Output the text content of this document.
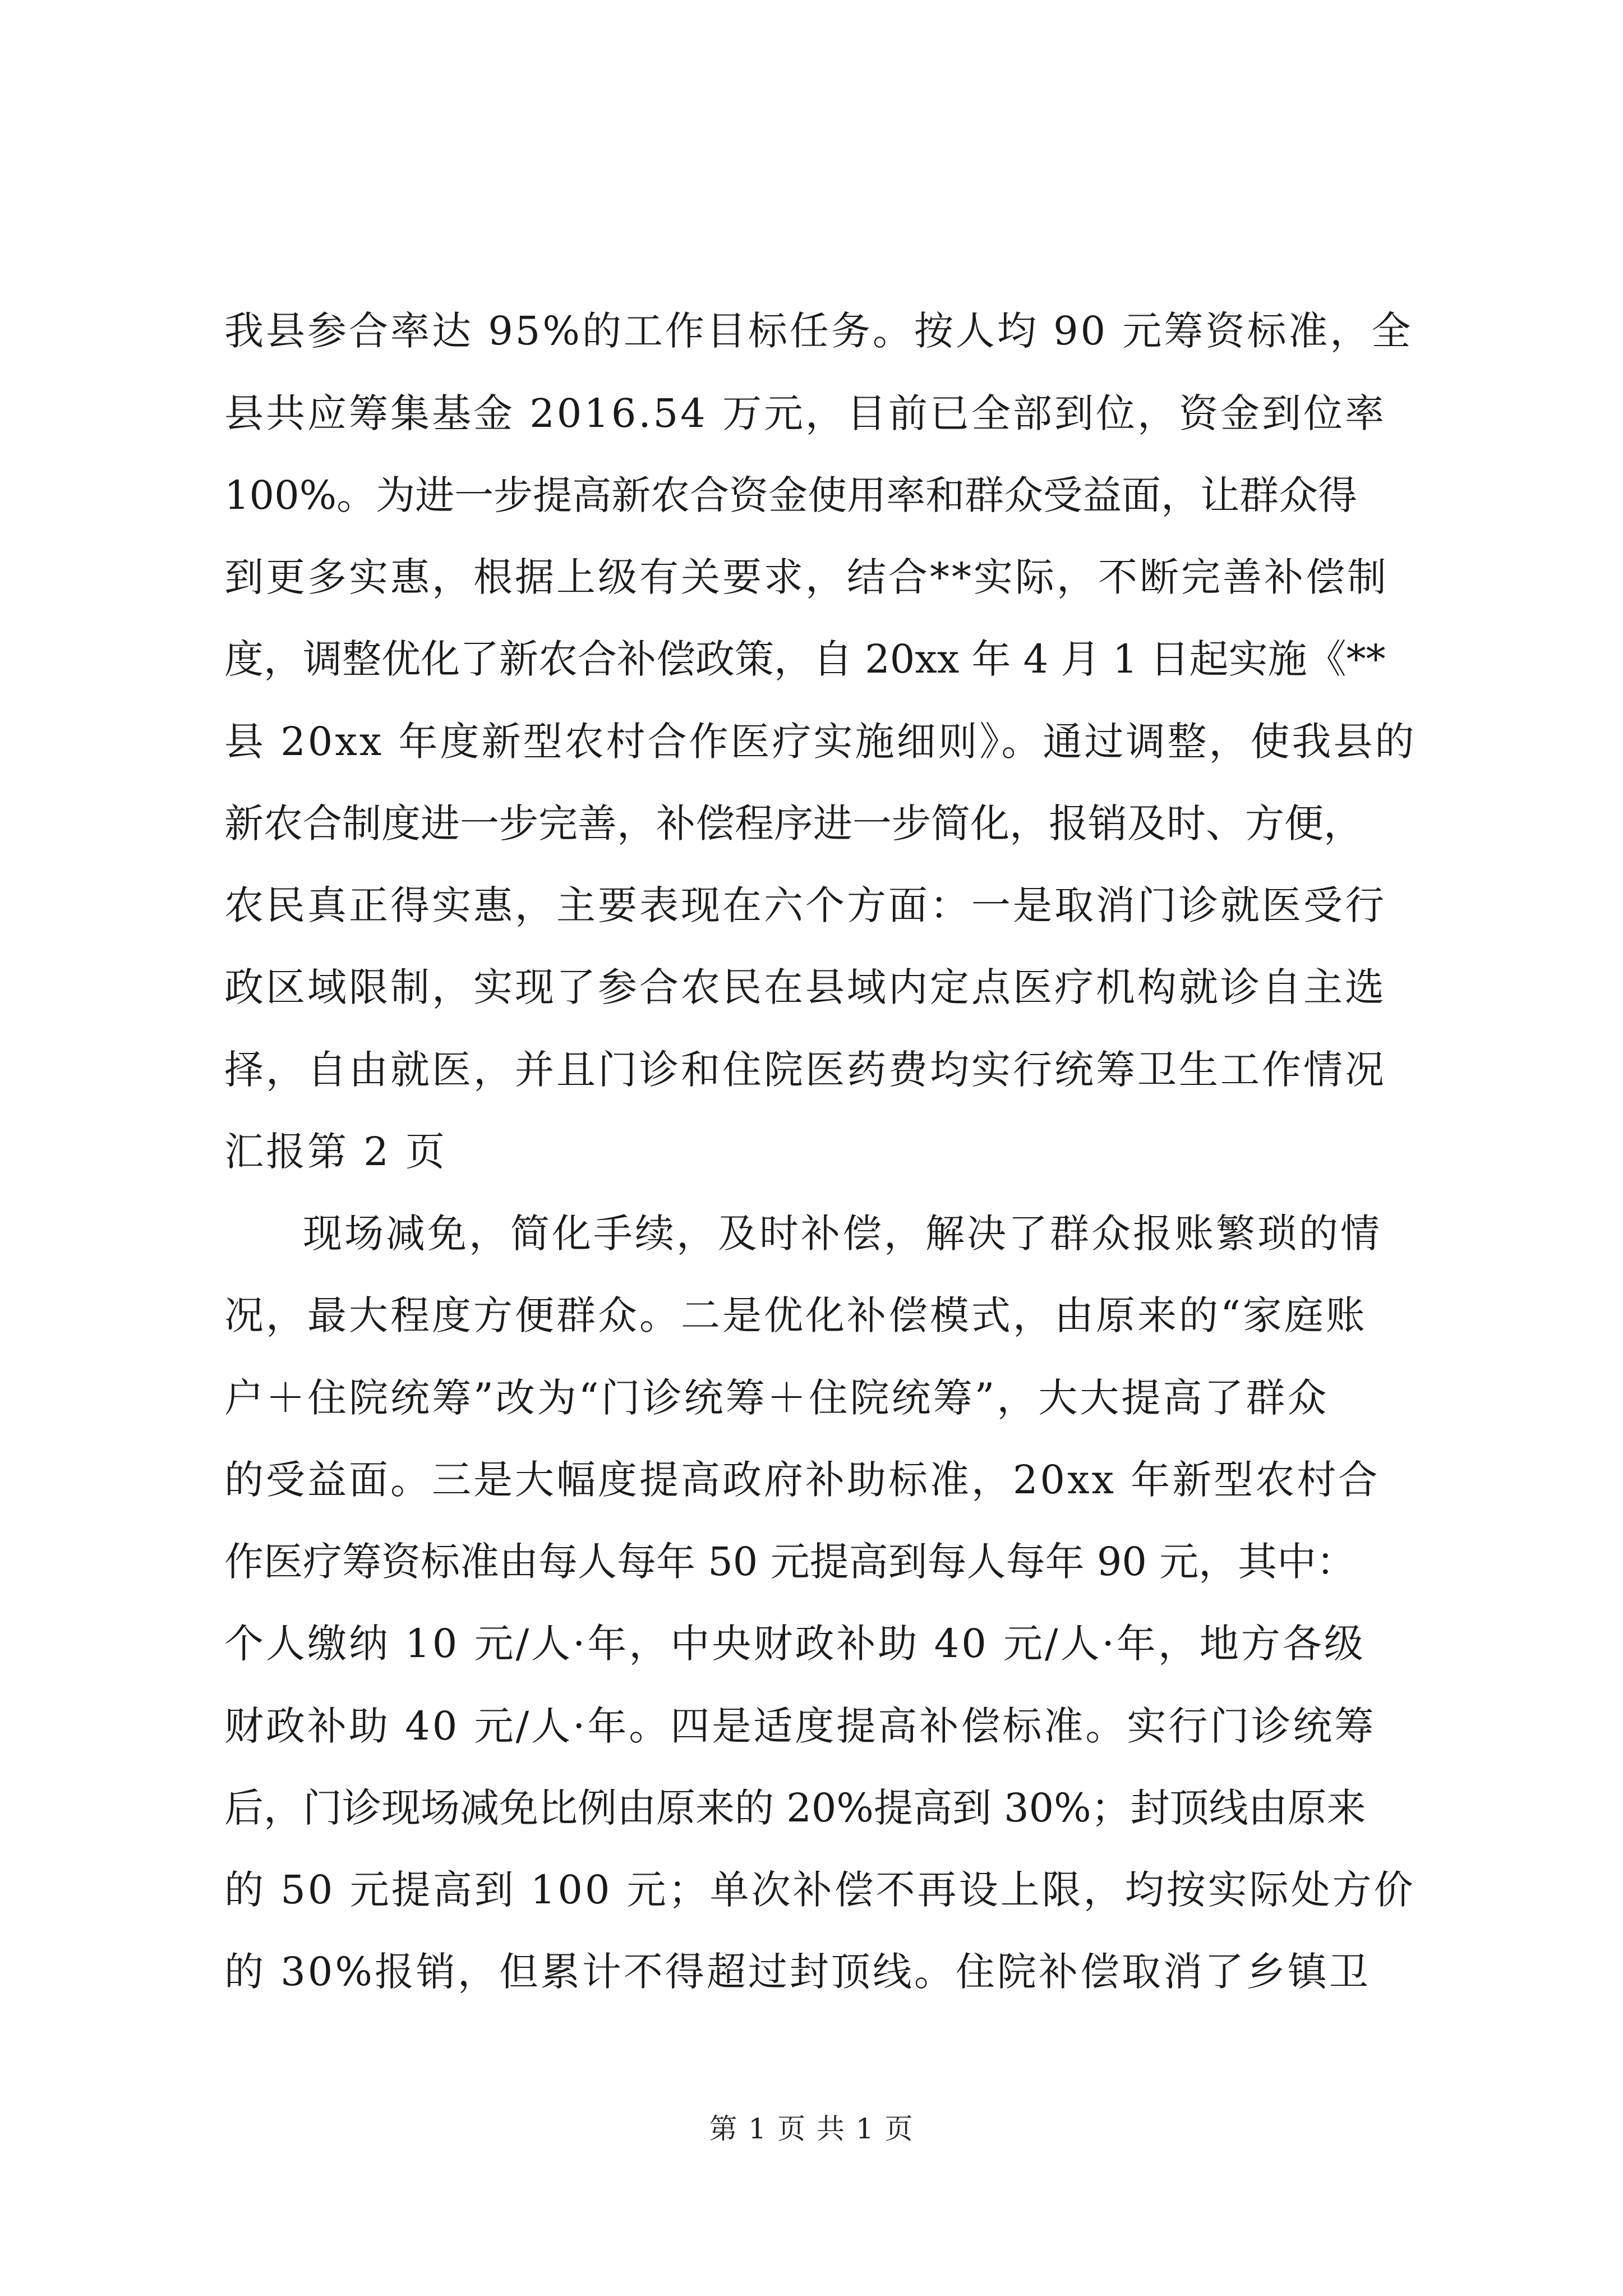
我县参合率达 95%的工作目标任务。按人均 90 元筹资标准，全
县共应筹集基金 2016.54 万元，目前已全部到位，资金到位率
100%。为进一步提高新农合资金使用率和群众受益面，让群众得
到更多实惠，根据上级有关要求，结合**实际，不断完善补偿制
度，调整优化了新农合补偿政策，自 20xx 年 4 月 1 日起实施《**
县 20xx 年度新型农村合作医疗实施细则》。通过调整，使我县的
新农合制度进一步完善，补偿程序进一步简化，报销及时、方便，
农民真正得实惠，主要表现在六个方面：一是取消门诊就医受行
政区域限制，实现了参合农民在县域内定点医疗机构就诊自主选
择，自由就医，并且门诊和住院医药费均实行统筹卫生工作情况
汇报第 2 页
现场减免，简化手续，及时补偿，解决了群众报账繁琐的情
况，最大程度方便群众。二是优化补偿模式，由原来的“家庭账
户＋住院统筹”改为“门诊统筹＋住院统筹”，大大提高了群众
的受益面。三是大幅度提高政府补助标准，20xx 年新型农村合
作医疗筹资标准由每人每年 50 元提高到每人每年 90 元，其中：
个人缴纳 10 元/人·年，中央财政补助 40 元/人·年，地方各级
财政补助 40 元/人·年。四是适度提高补偿标准。实行门诊统筹
后，门诊现场减免比例由原来的 20%提高到 30%；封顶线由原来
的 50 元提高到 100 元；单次补偿不再设上限，均按实际处方价
的 30%报销，但累计不得超过封顶线。住院补偿取消了乡镇卫
第 1 页 共 1 页
